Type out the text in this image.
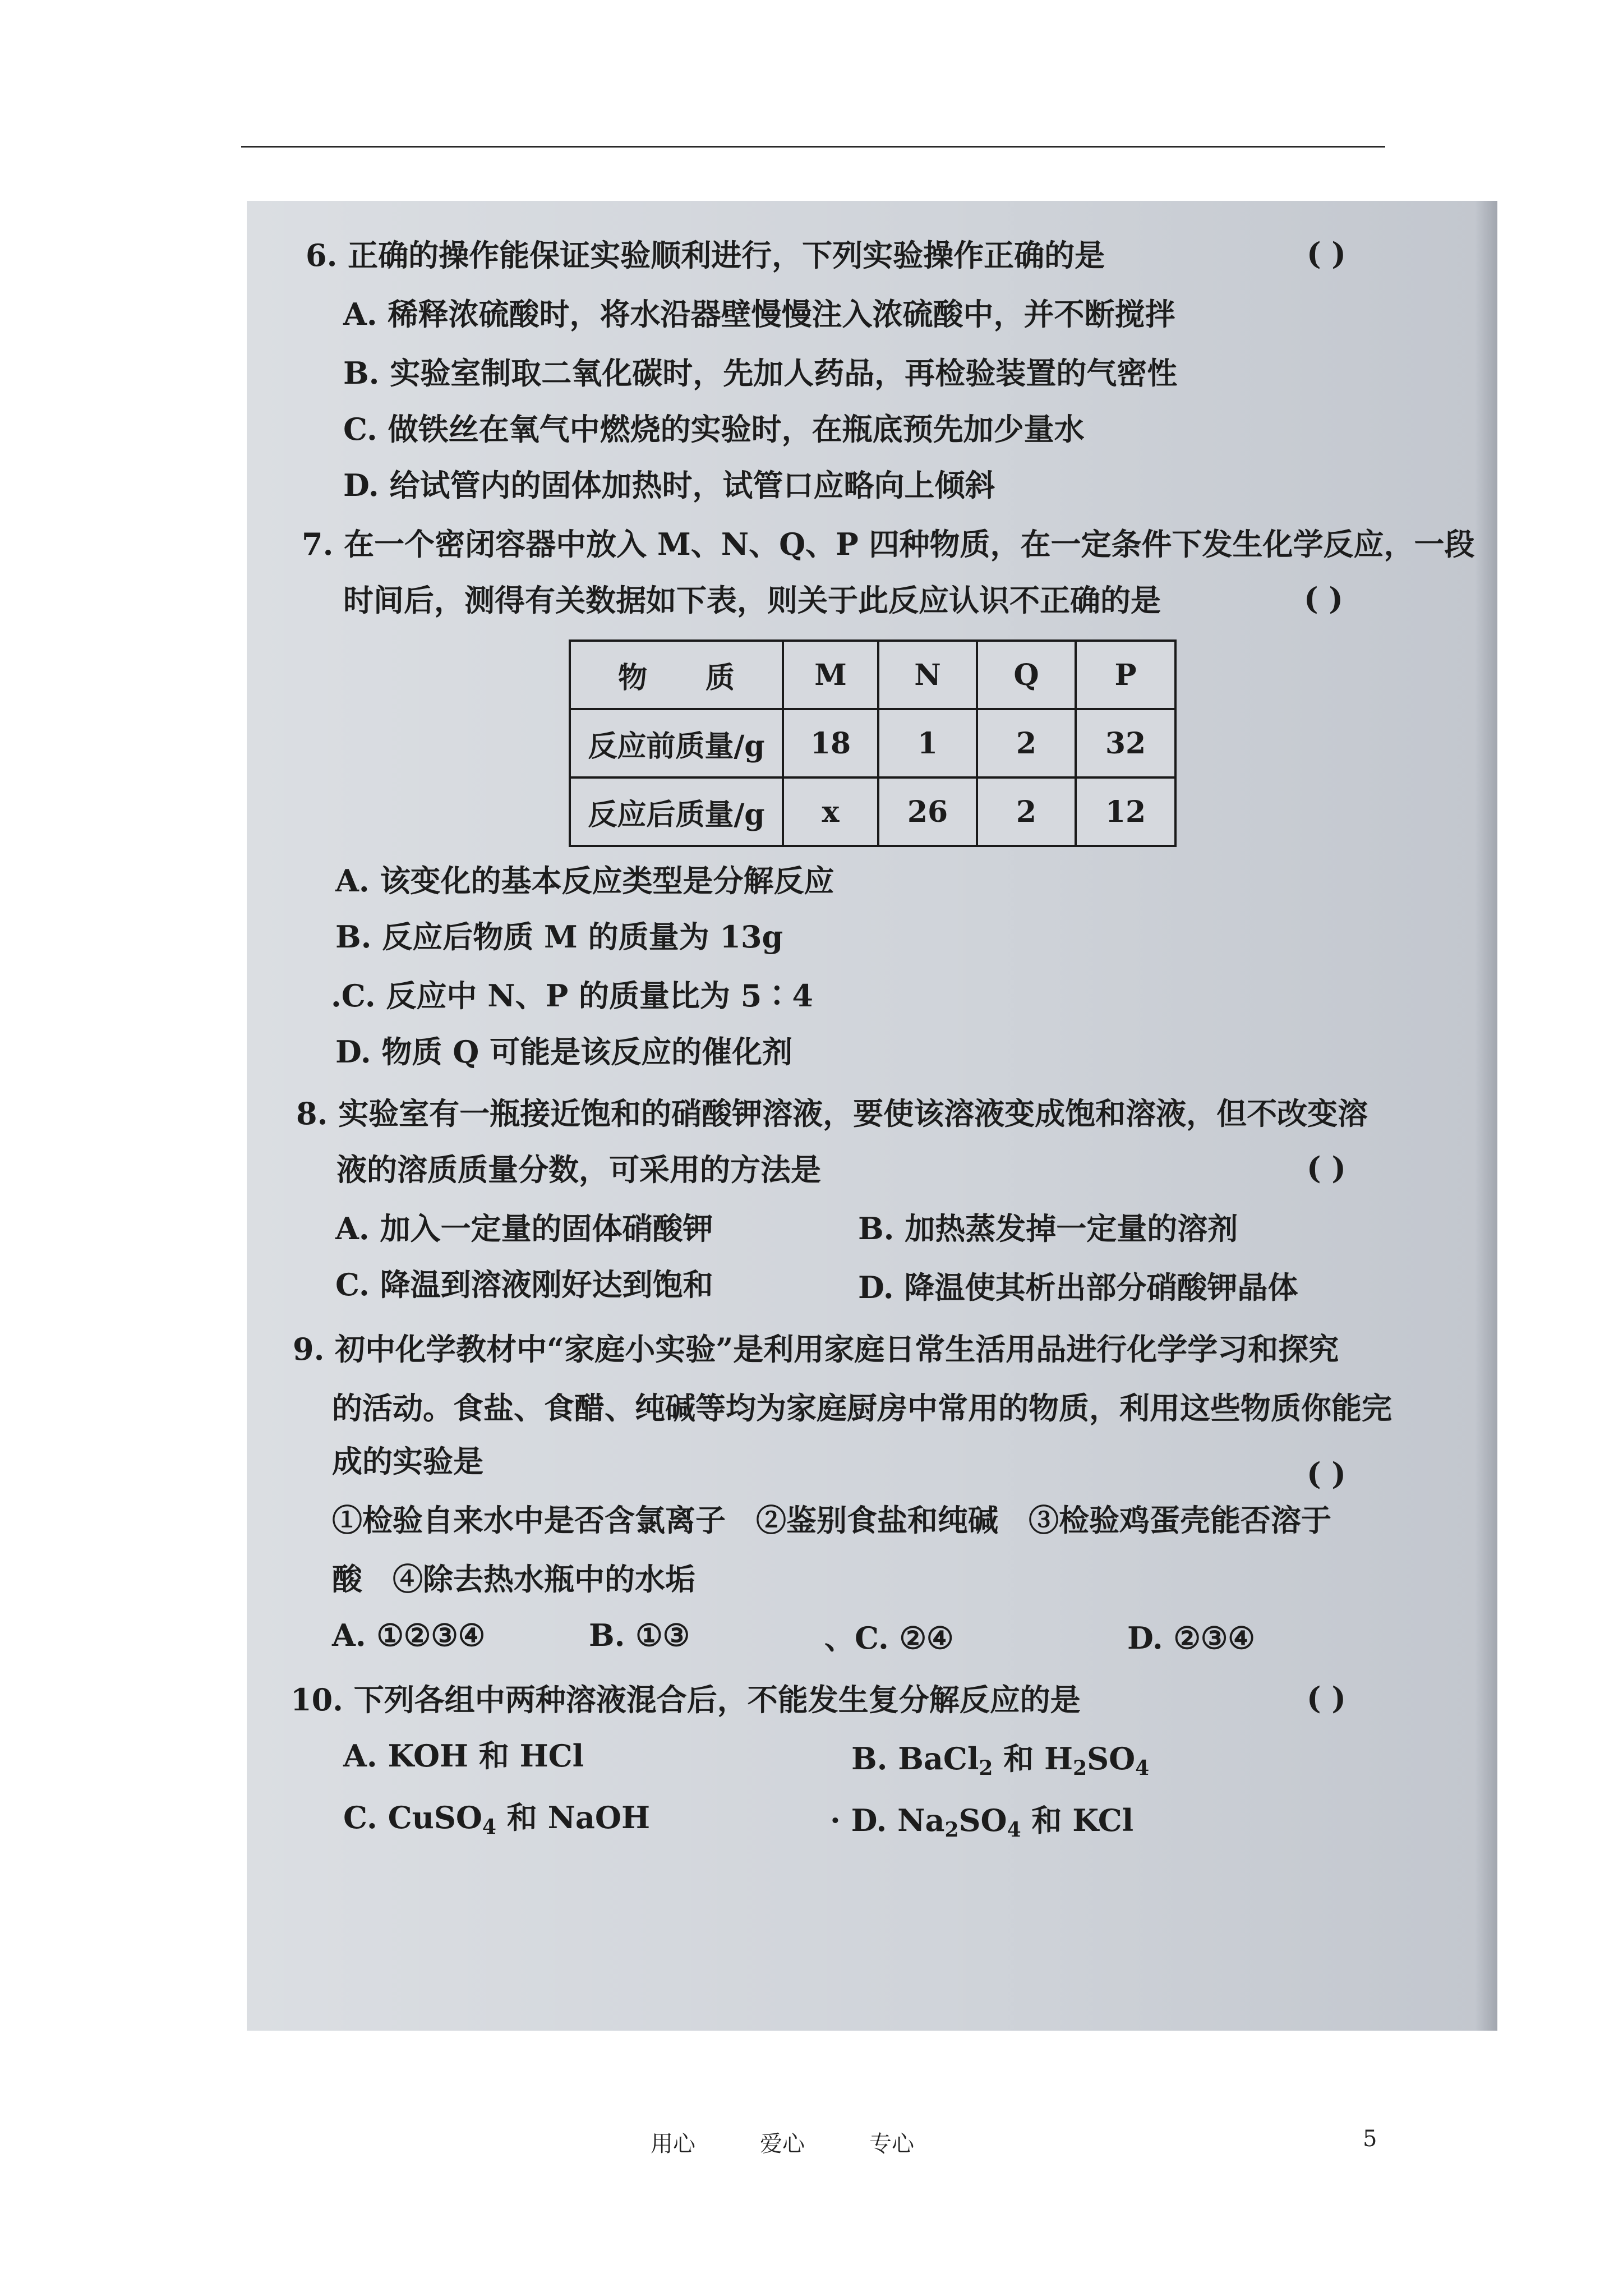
6. 正确的操作能保证实验顺利进行，下列实验操作正确的是	( )
A. 稀释浓硫酸时，将水沿器壁慢慢注入浓硫酸中，并不断搅拌
B. 实验室制取二氧化碳时，先加人药品，再检验装置的气密性
C. 做铁丝在氧气中燃烧的实验时，在瓶底预先加少量水
D. 给试管内的固体加热时，试管口应略向上倾斜
7. 在一个密闭容器中放入 M、N、Q、P 四种物质，在一定条件下发生化学反应，一段
时间后，测得有关数据如下表，则关于此反应认识不正确的是	( )
物　　质	M	N	Q	P
反应前质量/g	18	1	2	32
反应后质量/g	x	26	2	12
A. 该变化的基本反应类型是分解反应
B. 反应后物质 M 的质量为 13g
.C. 反应中 N、P 的质量比为 5∶4
D. 物质 Q 可能是该反应的催化剂
8. 实验室有一瓶接近饱和的硝酸钾溶液，要使该溶液变成饱和溶液，但不改变溶
液的溶质质量分数，可采用的方法是	( )
A. 加入一定量的固体硝酸钾	B. 加热蒸发掉一定量的溶剂
C. 降温到溶液刚好达到饱和	D. 降温使其析出部分硝酸钾晶体
9. 初中化学教材中“家庭小实验”是利用家庭日常生活用品进行化学学习和探究
的活动。食盐、食醋、纯碱等均为家庭厨房中常用的物质，利用这些物质你能完
成的实验是	( )
①检验自来水中是否含氯离子　②鉴别食盐和纯碱　③检验鸡蛋壳能否溶于
酸　④除去热水瓶中的水垢
A. ①②③④	B. ①③	、C. ②④	D. ②③④
10. 下列各组中两种溶液混合后，不能发生复分解反应的是	( )
A. KOH 和 HCl	B. BaCl$_2$ 和 $H_2SO_4$
C. CuSO$_4$ 和 NaOH	· D. $Na_2SO_4$ 和 KCl
用心	爱心	专心	5
